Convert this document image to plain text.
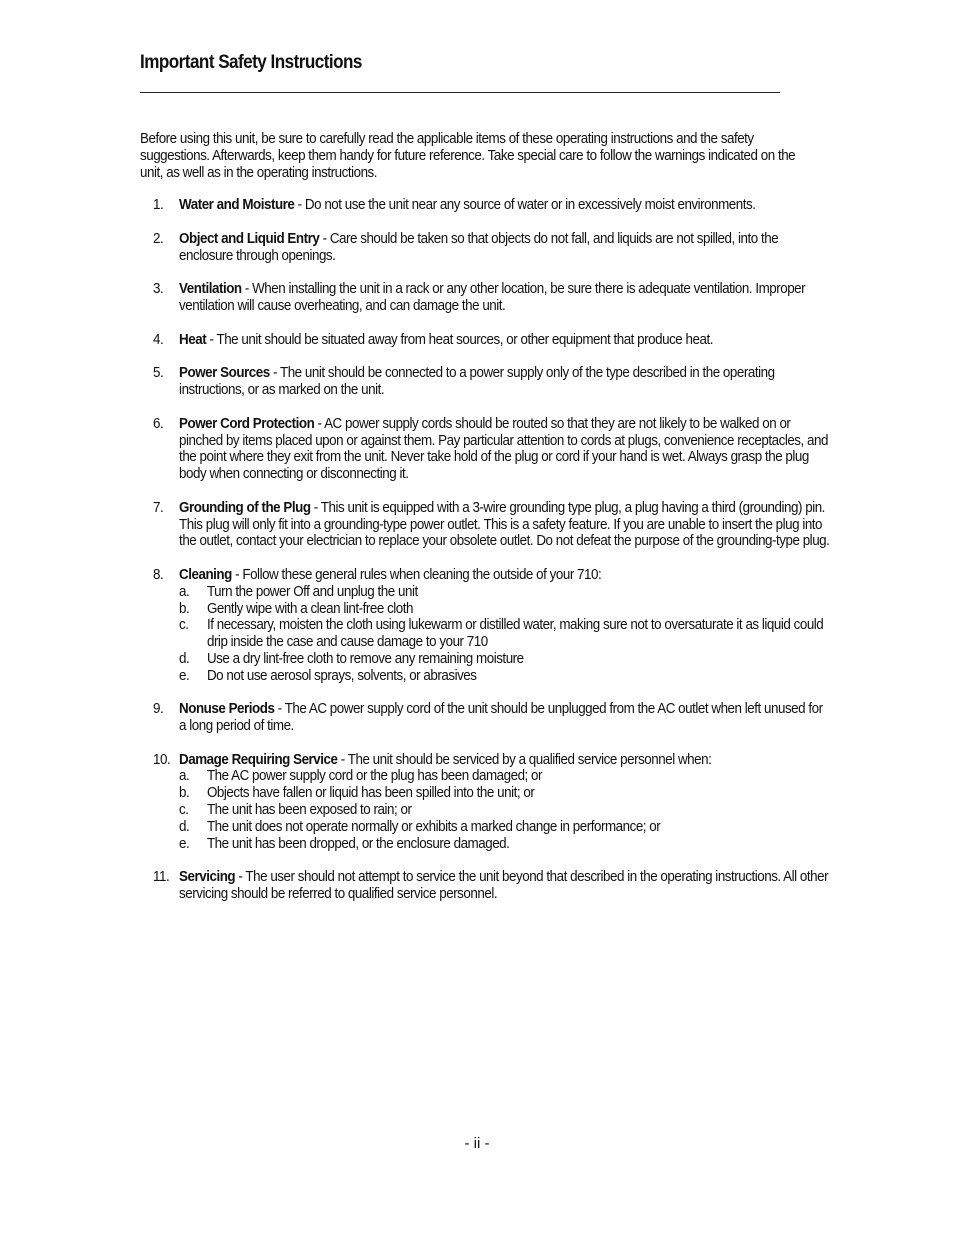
Important Safety Instructions

Before using this unit, be sure to carefully read the applicable items of these operating instructions and the safety suggestions. Afterwards, keep them handy for future reference. Take special care to follow the warnings indicated on the unit, as well as in the operating instructions.

1. Water and Moisture - Do not use the unit near any source of water or in excessively moist environments.
2. Object and Liquid Entry - Care should be taken so that objects do not fall, and liquids are not spilled, into the enclosure through openings.
3. Ventilation - When installing the unit in a rack or any other location, be sure there is adequate ventilation. Improper ventilation will cause overheating, and can damage the unit.
4. Heat - The unit should be situated away from heat sources, or other equipment that produce heat.
5. Power Sources - The unit should be connected to a power supply only of the type described in the operating instructions, or as marked on the unit.
6. Power Cord Protection - AC power supply cords should be routed so that they are not likely to be walked on or pinched by items placed upon or against them. Pay particular attention to cords at plugs, convenience receptacles, and the point where they exit from the unit. Never take hold of the plug or cord if your hand is wet. Always grasp the plug body when connecting or disconnecting it.
7. Grounding of the Plug - This unit is equipped with a 3-wire grounding type plug, a plug having a third (grounding) pin. This plug will only fit into a grounding-type power outlet. This is a safety feature. If you are unable to insert the plug into the outlet, contact your electrician to replace your obsolete outlet. Do not defeat the purpose of the grounding-type plug.
8. Cleaning - Follow these general rules when cleaning the outside of your 710:
a. Turn the power Off and unplug the unit
b. Gently wipe with a clean lint-free cloth
c. If necessary, moisten the cloth using lukewarm or distilled water, making sure not to oversaturate it as liquid could drip inside the case and cause damage to your 710
d. Use a dry lint-free cloth to remove any remaining moisture
e. Do not use aerosol sprays, solvents, or abrasives
9. Nonuse Periods - The AC power supply cord of the unit should be unplugged from the AC outlet when left unused for a long period of time.
10. Damage Requiring Service - The unit should be serviced by a qualified service personnel when:
a. The AC power supply cord or the plug has been damaged; or
b. Objects have fallen or liquid has been spilled into the unit; or
c. The unit has been exposed to rain; or
d. The unit does not operate normally or exhibits a marked change in performance; or
e. The unit has been dropped, or the enclosure damaged.
11. Servicing - The user should not attempt to service the unit beyond that described in the operating instructions. All other servicing should be referred to qualified service personnel.
- ii -
